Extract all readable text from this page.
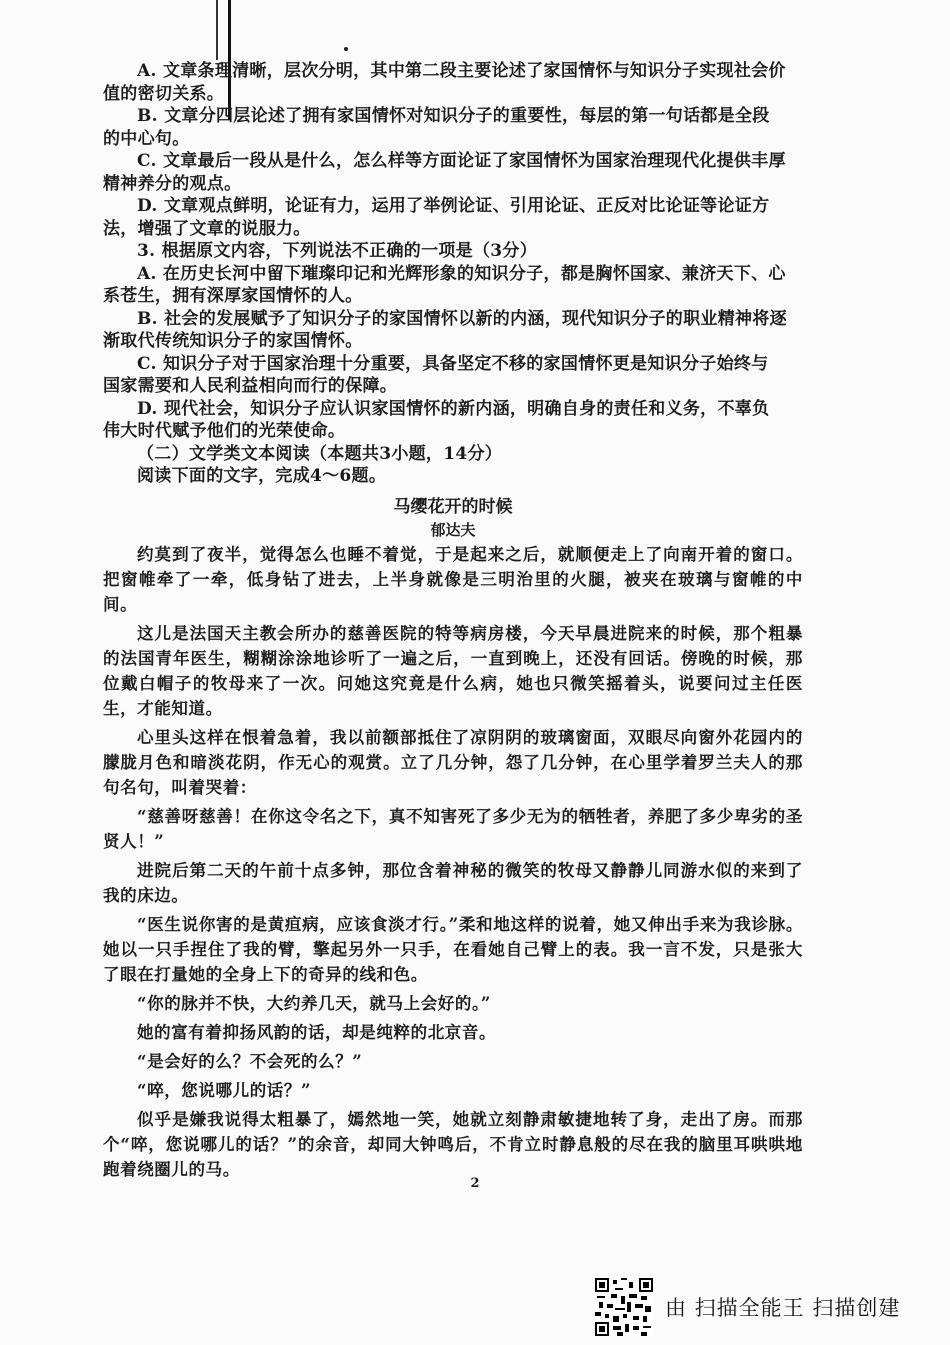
A. 文章条理清晰，层次分明，其中第二段主要论述了家国情怀与知识分子实现社会价

值的密切关系。

B. 文章分四层论述了拥有家国情怀对知识分子的重要性，每层的第一句话都是全段

的中心句。

C. 文章最后一段从是什么，怎么样等方面论证了家国情怀为国家治理现代化提供丰厚

精神养分的观点。

D. 文章观点鲜明，论证有力，运用了举例论证、引用论证、正反对比论证等论证方

法，增强了文章的说服力。

3. 根据原文内容，下列说法不正确的一项是（3分）

A. 在历史长河中留下璀璨印记和光辉形象的知识分子，都是胸怀国家、兼济天下、心

系苍生，拥有深厚家国情怀的人。

B. 社会的发展赋予了知识分子的家国情怀以新的内涵，现代知识分子的职业精神将逐

渐取代传统知识分子的家国情怀。

C. 知识分子对于国家治理十分重要，具备坚定不移的家国情怀更是知识分子始终与

国家需要和人民利益相向而行的保障。

D. 现代社会，知识分子应认识家国情怀的新内涵，明确自身的责任和义务，不辜负

伟大时代赋予他们的光荣使命。

（二）文学类文本阅读（本题共3小题，14分）

阅读下面的文字，完成4～6题。

马缨花开的时候
郁达夫

约莫到了夜半，觉得怎么也睡不着觉，于是起来之后，就顺便走上了向南开着的窗口。把窗帷牵了一牵，低身钻了进去，上半身就像是三明治里的火腿，被夹在玻璃与窗帷的中间。

这儿是法国天主教会所办的慈善医院的特等病房楼，今天早晨进院来的时候，那个粗暴的法国青年医生，糊糊涂涂地诊听了一遍之后，一直到晚上，还没有回话。傍晚的时候，那位戴白帽子的牧母来了一次。问她这究竟是什么病，她也只微笑摇着头，说要问过主任医生，才能知道。

心里头这样在恨着急着，我以前额部抵住了凉阴阴的玻璃窗面，双眼尽向窗外花园内的朦胧月色和暗淡花阴，作无心的观赏。立了几分钟，怨了几分钟，在心里学着罗兰夫人的那句名句，叫着哭着：

“慈善呀慈善！在你这令名之下，真不知害死了多少无为的牺牲者，养肥了多少卑劣的圣贤人！”

进院后第二天的午前十点多钟，那位含着神秘的微笑的牧母又静静儿同游水似的来到了我的床边。

“医生说你害的是黄疸病，应该食淡才行。”柔和地这样的说着，她又伸出手来为我诊脉。她以一只手捏住了我的臂，擎起另外一只手，在看她自己臂上的表。我一言不发，只是张大了眼在打量她的全身上下的奇异的线和色。

“你的脉并不快，大约养几天，就马上会好的。”

她的富有着抑扬风韵的话，却是纯粹的北京音。

“是会好的么？不会死的么？”

“啐，您说哪儿的话？”

似乎是嫌我说得太粗暴了，嫣然地一笑，她就立刻静肃敏捷地转了身，走出了房。而那个“啐，您说哪儿的话？”的余音，却同大钟鸣后，不肯立时静息般的尽在我的脑里耳哄哄地跑着绕圈儿的马。

2
由 扫描全能王 扫描创建
